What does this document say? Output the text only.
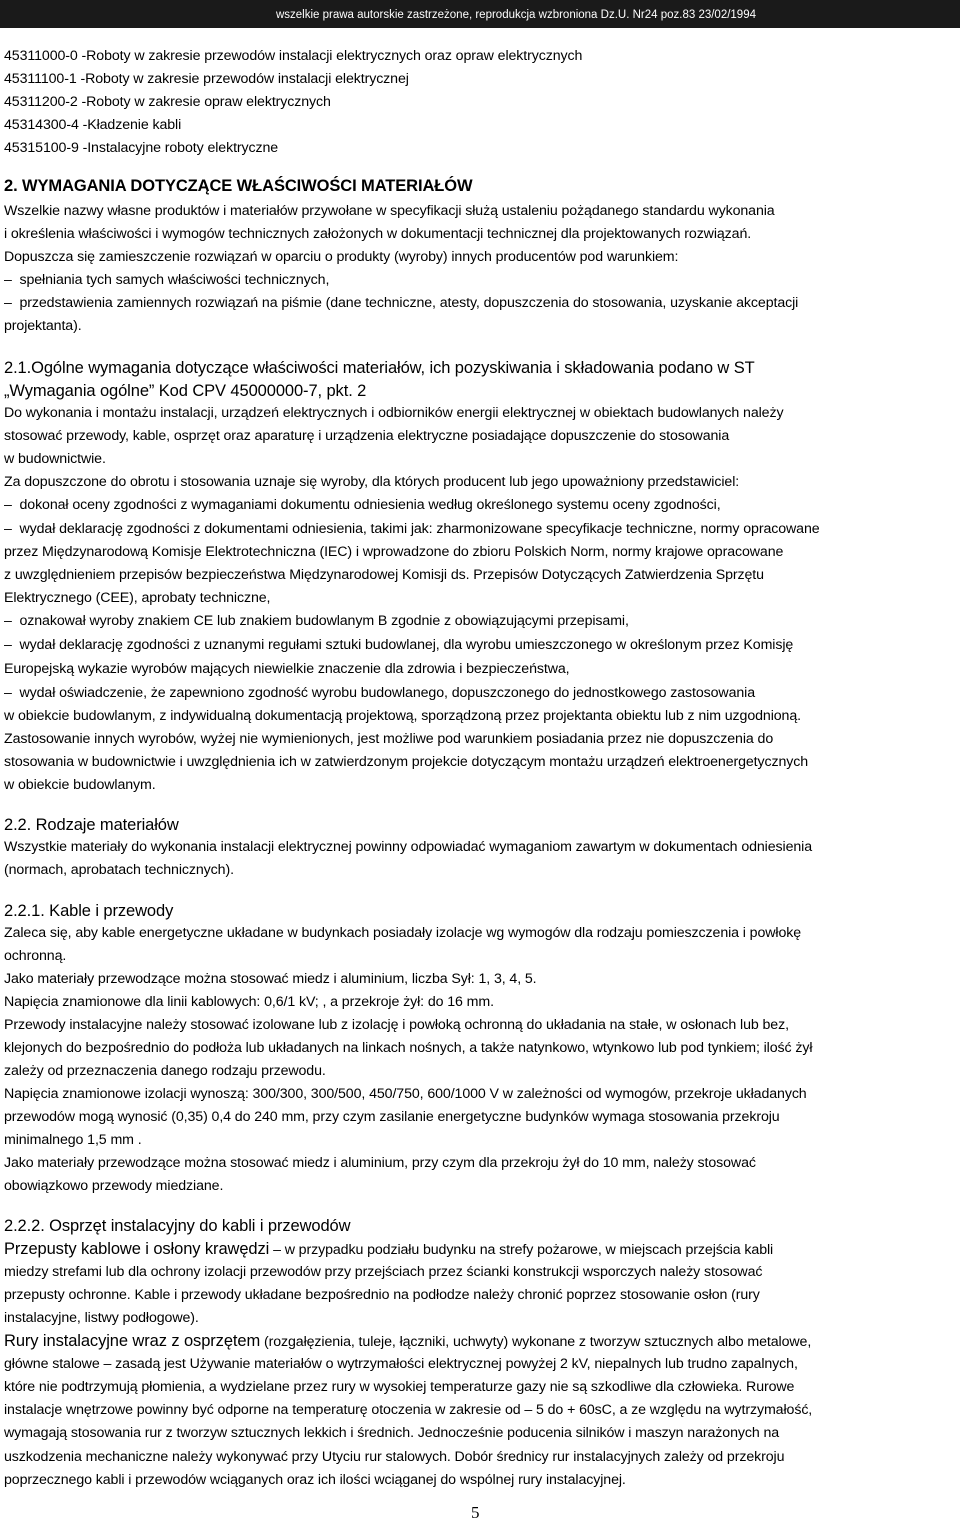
wszelkie prawa autorskie zastrzeżone, reprodukcja wzbroniona Dz.U. Nr24 poz.83 23/02/1994
45311000-0 -Roboty w zakresie przewodów instalacji elektrycznych oraz opraw elektrycznych
45311100-1 -Roboty w zakresie przewodów instalacji elektrycznej
45311200-2 -Roboty w zakresie opraw elektrycznych
45314300-4 -Kładzenie kabli
45315100-9 -Instalacyjne roboty elektryczne
2. WYMAGANIA DOTYCZĄCE WŁAŚCIWOŚCI MATERIAŁÓW
Wszelkie nazwy własne produktów i materiałów przywołane w specyfikacji służą ustaleniu pożądanego standardu wykonania
i określenia właściwości i wymogów technicznych założonych w dokumentacji technicznej dla projektowanych rozwiązań.
Dopuszcza się zamieszczenie rozwiązań w oparciu o produkty (wyroby) innych producentów pod warunkiem:
–  spełniania tych samych właściwości technicznych,
–  przedstawienia zamiennych rozwiązań na piśmie (dane techniczne, atesty, dopuszczenia do stosowania, uzyskanie akceptacji
projektanta).
2.1.Ogólne wymagania dotyczące właściwości materiałów, ich pozyskiwania i składowania podano w ST
„Wymagania ogólne” Kod CPV 45000000-7, pkt. 2
Do wykonania i montażu instalacji, urządzeń elektrycznych i odbiorników energii elektrycznej w obiektach budowlanych należy
stosować przewody, kable, osprzęt oraz aparaturę i urządzenia elektryczne posiadające dopuszczenie do stosowania
w budownictwie.
Za dopuszczone do obrotu i stosowania uznaje się wyroby, dla których producent lub jego upoważniony przedstawiciel:
–  dokonał oceny zgodności z wymaganiami dokumentu odniesienia według określonego systemu oceny zgodności,
–  wydał deklarację zgodności z dokumentami odniesienia, takimi jak: zharmonizowane specyfikacje techniczne, normy opracowane
przez Międzynarodową Komisje Elektrotechniczna (IEC) i wprowadzone do zbioru Polskich Norm, normy krajowe opracowane
z uwzględnieniem przepisów bezpieczeństwa Międzynarodowej Komisji ds. Przepisów Dotyczących Zatwierdzenia Sprzętu
Elektrycznego (CEE), aprobaty techniczne,
–  oznakował wyroby znakiem CE lub znakiem budowlanym B zgodnie z obowiązującymi przepisami,
–  wydał deklarację zgodności z uznanymi regułami sztuki budowlanej, dla wyrobu umieszczonego w określonym przez Komisję
Europejską wykazie wyrobów mających niewielkie znaczenie dla zdrowia i bezpieczeństwa,
–  wydał oświadczenie, że zapewniono zgodność wyrobu budowlanego, dopuszczonego do jednostkowego zastosowania
w obiekcie budowlanym, z indywidualną dokumentacją projektową, sporządzoną przez projektanta obiektu lub z nim uzgodnioną.
Zastosowanie innych wyrobów, wyżej nie wymienionych, jest możliwe pod warunkiem posiadania przez nie dopuszczenia do
stosowania w budownictwie i uwzględnienia ich w zatwierdzonym projekcie dotyczącym montażu urządzeń elektroenergetycznych
w obiekcie budowlanym.
2.2. Rodzaje materiałów
Wszystkie materiały do wykonania instalacji elektrycznej powinny odpowiadać wymaganiom zawartym w dokumentach odniesienia
(normach, aprobatach technicznych).
2.2.1. Kable i przewody
Zaleca się, aby kable energetyczne układane w budynkach posiadały izolacje wg wymogów dla rodzaju pomieszczenia i powłokę
ochronną.
Jako materiały przewodzące można stosować miedz i aluminium, liczba Sył: 1, 3, 4, 5.
Napięcia znamionowe dla linii kablowych: 0,6/1 kV; , a przekroje żył: do 16 mm.
Przewody instalacyjne należy stosować izolowane lub z izolację i powłoką ochronną do układania na stałe, w osłonach lub bez,
klejonych do bezpośrednio do podłoża lub układanych na linkach nośnych, a także natynkowo, wtynkowo lub pod tynkiem; ilość żył
zależy od przeznaczenia danego rodzaju przewodu.
Napięcia znamionowe izolacji wynoszą: 300/300, 300/500, 450/750, 600/1000 V w zależności od wymogów, przekroje układanych
przewodów mogą wynosić (0,35) 0,4 do 240 mm, przy czym zasilanie energetyczne budynków wymaga stosowania przekroju
minimalnego 1,5 mm .
Jako materiały przewodzące można stosować miedz i aluminium, przy czym dla przekroju żył do 10 mm, należy stosować
obowiązkowo przewody miedziane.
2.2.2. Osprzęt instalacyjny do kabli i przewodów
Przepusty kablowe i osłony krawędzi – w przypadku podziału budynku na strefy pożarowe, w miejscach przejścia kabli
miedzy strefami lub dla ochrony izolacji przewodów przy przejściach przez ścianki konstrukcji wsporczych należy stosować
przepusty ochronne. Kable i przewody układane bezpośrednio na podłodze należy chronić poprzez stosowanie osłon (rury
instalacyjne, listwy podłogowe).
Rury instalacyjne wraz z osprzętem (rozgałęzienia, tuleje, łączniki, uchwyty) wykonane z tworzyw sztucznych albo metalowe,
główne stalowe – zasadą jest Używanie materiałów o wytrzymałości elektrycznej powyżej 2 kV, niepalnych lub trudno zapalnych,
które nie podtrzymują płomienia, a wydzielane przez rury w wysokiej temperaturze gazy nie są szkodliwe dla człowieka. Rurowe
instalacje wnętrzowe powinny być odporne na temperaturę otoczenia w zakresie od – 5 do + 60sC, a ze względu na wytrzymałość,
wymagają stosowania rur z tworzyw sztucznych lekkich i średnich. Jednocześnie poducenia silników i maszyn narażonych na
uszkodzenia mechaniczne należy wykonywać przy Utyciu rur stalowych. Dobór średnicy rur instalacyjnych zależy od przekroju
poprzecznego kabli i przewodów wciąganych oraz ich ilości wciąganej do wspólnej rury instalacyjnej.
5
